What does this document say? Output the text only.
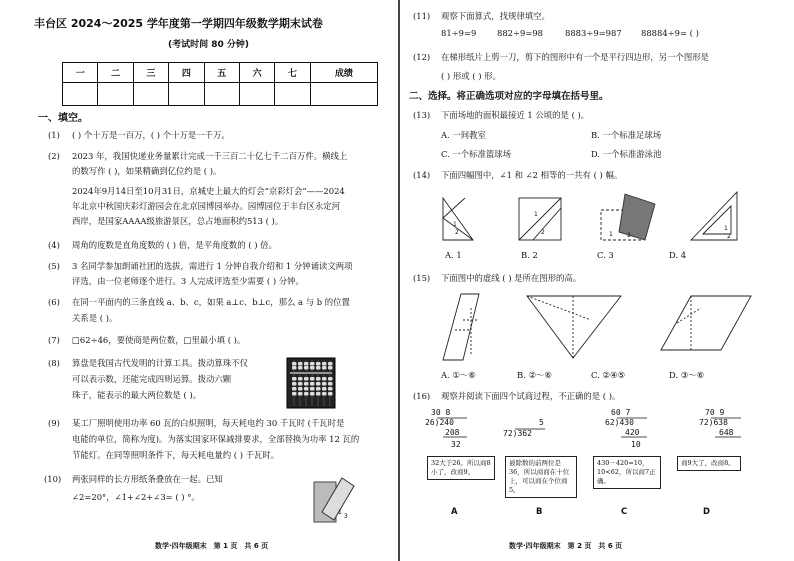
丰台区 2024～2025 学年度第一学期四年级数学期末试卷
(考试时间 80 分钟)
一	二	三	四	五	六	七	成绩

一、填空。
(1) ( ) 个十万是一百万，( ) 个十万是一千万。
(2) 2023 年，我国快递业务量累计完成一千三百二十亿七千二百万件。横线上
的数写作 ( )，如果精确到亿位约是 ( )。
2024年9月14日至10月31日，京城史上最大的灯会“京彩灯会”——2024
年北京中秋国庆彩灯游园会在北京园博园举办。园博园位于丰台区永定河
西岸，是国家AAAA级旅游景区，总占地面积约513 ( )。
(4) 周角的度数是直角度数的 ( ) 倍，是平角度数的 ( ) 倍。
(5) 3 名同学参加朗诵社团的选拔，需进行 1 分钟自我介绍和 1 分钟诵读文两项
评选，由一位老师逐个进行。3 人完成评选至少需要 ( ) 分钟。
(6) 在同一平面内的三条直线 a、b、c，如果 a⊥c、b⊥c，那么 a 与 b 的位置
关系是 ( )。
(7) □62÷46，要使商是两位数，□里最小填 ( )。
(8) 算盘是我国古代发明的计算工具。拨动算珠不仅
可以表示数，还能完成四则运算。拨动六颗
珠子，能表示的最大两位数是 ( )。
(9) 某工厂照明使用功率 60 瓦的白炽照明，每天耗电约 30 千瓦时 (千瓦时是
电能的单位，简称为度)。为落实国家环保减排要求，全部替换为功率 12 瓦的
节能灯。在同等照明条件下，每天耗电量约 ( ) 千瓦时。
(10) 两张同样的长方形纸条叠放在一起。已知
∠2=20°，∠1+∠2+∠3= ( ) °。
1
3
数学·四年级期末　第 1 页　共 6 页
(11) 观察下面算式，找规律填空。
81÷9=9 882÷9=98	8883÷9=987 88884÷9= ( )
(12) 在梯形纸片上剪一刀，剪下的图形中有一个是平行四边形，另一个图形是
( ) 形或 ( ) 形。
二、选择。将正确选项对应的字母填在括号里。
(13) 下面场地的面积最接近 1 公顷的是 ( )。
A. 一间教室	B. 一个标准足球场
C. 一个标准篮球场	D. 一个标准游泳池
(14) 下面四幅图中，∠1 和 ∠2 相等的一共有 ( ) 幅。
1
2
1
2	1 2
1
2
A. 1	B. 2	C. 3	D. 4
(15) 下面图中的虚线 ( ) 是所在图形的高。
A. ①～⑥	B. ②～⑥	C. ②④⑤	D. ③～⑥
(16) 观察并阅读下面四个试商过程，不正确的是 ( )。
30 8
26)240
208
32
5
72)362
60 7
62)430
420
10
70 9
72)638
648
32大于26。所以商8小了，改商9。
被除数的前两位是36，所以商商在十位上，可以商在个位商5。
430－420=10，10<62，所以商7正确。
商9大了，改商8。
A	B	C	D
数学·四年级期末　第 2 页　共 6 页
